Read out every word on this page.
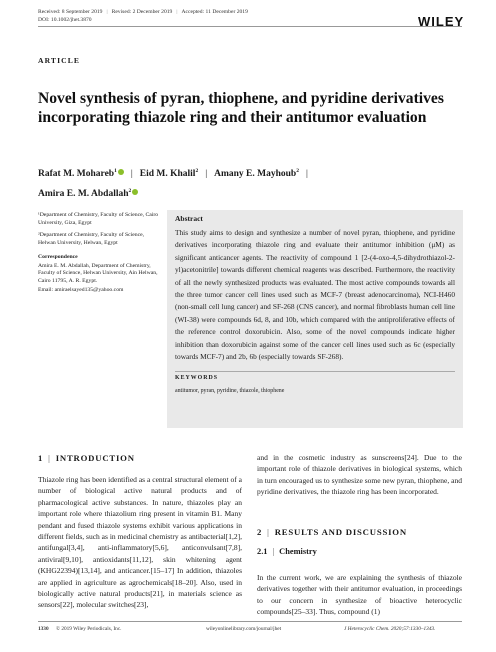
Received: 8 September 2019 | Revised: 2 December 2019 | Accepted: 11 December 2019
DOI: 10.1002/jhet.3870	WILEY
ARTICLE
Novel synthesis of pyran, thiophene, and pyridine derivatives incorporating thiazole ring and their antitumor evaluation
Rafat M. Mohareb$^1$ | Eid M. Khalil$^2$ | Amany E. Mayhoub$^2$ |
Amira E. M. Abdallah$^2$

¹Department of Chemistry, Faculty of Science, Cairo University, Giza, Egypt

²Department of Chemistry, Faculty of Science, Helwan University, Helwan, Egypt

Correspondence

Amira E. M. Abdallah, Department of Chemistry, Faculty of Science, Helwan University, Ain Helwan, Cairo 11795, A. R. Egypt.

Email: amiraelsayed135@yahoo.com

Abstract
This study aims to design and synthesize a number of novel pyran, thiophene, and pyridine derivatives incorporating thiazole ring and evaluate their antitumor inhibition (μM) as significant anticancer agents. The reactivity of compound 1 [2-(4-oxo-4,5-dihydrothiazol-2-yl)acetonitrile] towards different chemical reagents was described. Furthermore, the reactivity of all the newly synthesized products was evaluated. The most active compounds towards all the three tumor cancer cell lines used such as MCF-7 (breast adenocarcinoma), NCI-H460 (non-small cell lung cancer) and SF-268 (CNS cancer), and normal fibroblasts human cell line (WI-38) were compounds 6d, 8, and 10b, which compared with the antiproliferative effects of the reference control doxorubicin. Also, some of the novel compounds indicate higher inhibition than doxorubicin against some of the cancer cell lines used such as 6c (especially towards MCF-7) and 2b, 6b (especially towards SF-268).
KEYWORDS
antitumor, pyran, pyridine, thiazole, thiophene
1 | INTRODUCTION
Thiazole ring has been identified as a central structural element of a number of biological active natural products and of pharmacological active substances. In nature, thiazoles play an important role where thiazolium ring present in vitamin B1. Many pendant and fused thiazole systems exhibit various applications in different fields, such as in medicinal chemistry as antibacterial[1,2], antifungal[3,4], anti-inflammatory[5,6], anticonvulsant[7,8], antiviral[9,10], antioxidants[11,12], skin whitening agent (KHG22394)[13,14], and anticancer.[15–17] In addition, thiazoles are applied in agriculture as agrochemicals[18–20]. Also, used in biologically active natural products[21], in materials science as sensors[22], molecular switches[23],
and in the cosmetic industry as sunscreens[24]. Due to the important role of thiazole derivatives in biological systems, which in turn encouraged us to synthesize some new pyran, thiophene, and pyridine derivatives, the thiazole ring has been incorporated.
2 | RESULTS AND DISCUSSION
2.1 | Chemistry
In the current work, we are explaining the synthesis of thiazole derivatives together with their antitumor evaluation, in proceedings to our concern in synthesize of bioactive heterocyclic compounds[25–33]. Thus, compound (1)
1330 © 2019 Wiley Periodicals, Inc.	wileyonlinelibrary.com/journal/jhet	J Heterocyclic Chem. 2020;57:1330–1343.
